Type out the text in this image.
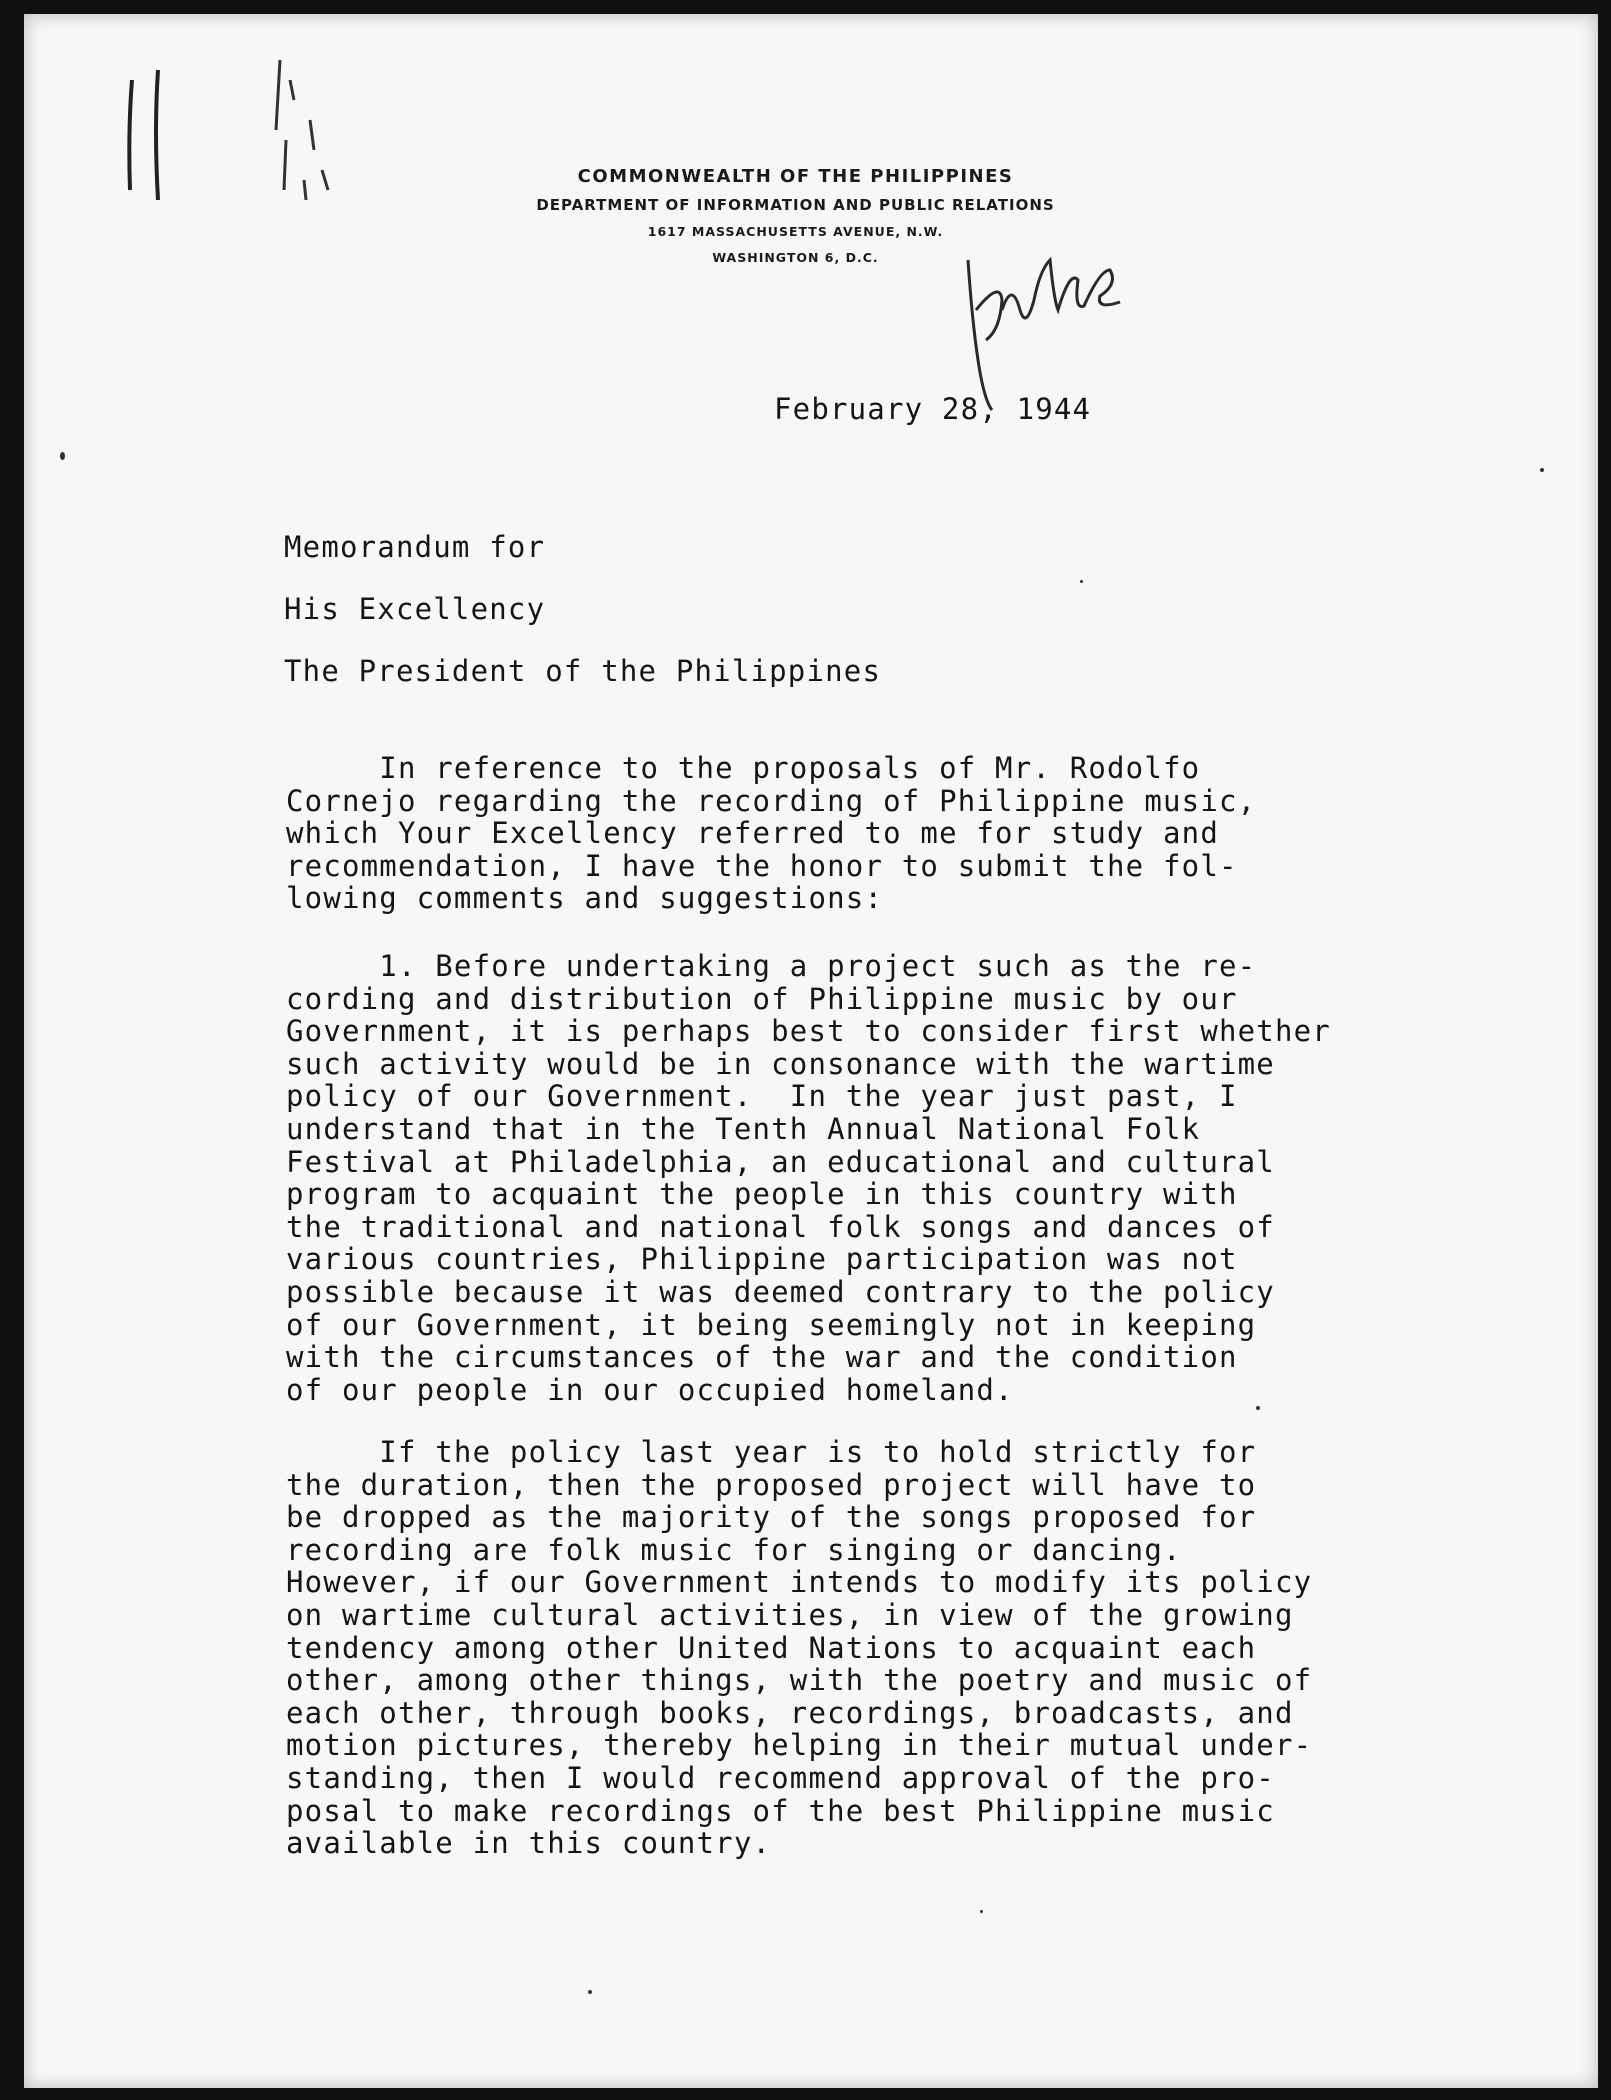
COMMONWEALTH OF THE PHILIPPINES
DEPARTMENT OF INFORMATION AND PUBLIC RELATIONS
1617 MASSACHUSETTS AVENUE, N.W.
WASHINGTON 6, D.C.
February 28, 1944
Memorandum for
His Excellency
The President of the Philippines
In reference to the proposals of Mr. Rodolfo
Cornejo regarding the recording of Philippine music,
which Your Excellency referred to me for study and
recommendation, I have the honor to submit the fol-
lowing comments and suggestions:
1. Before undertaking a project such as the re-
cording and distribution of Philippine music by our
Government, it is perhaps best to consider first whether
such activity would be in consonance with the wartime
policy of our Government.  In the year just past, I
understand that in the Tenth Annual National Folk
Festival at Philadelphia, an educational and cultural
program to acquaint the people in this country with
the traditional and national folk songs and dances of
various countries, Philippine participation was not
possible because it was deemed contrary to the policy
of our Government, it being seemingly not in keeping
with the circumstances of the war and the condition
of our people in our occupied homeland.
If the policy last year is to hold strictly for
the duration, then the proposed project will have to
be dropped as the majority of the songs proposed for
recording are folk music for singing or dancing.
However, if our Government intends to modify its policy
on wartime cultural activities, in view of the growing
tendency among other United Nations to acquaint each
other, among other things, with the poetry and music of
each other, through books, recordings, broadcasts, and
motion pictures, thereby helping in their mutual under-
standing, then I would recommend approval of the pro-
posal to make recordings of the best Philippine music
available in this country.
